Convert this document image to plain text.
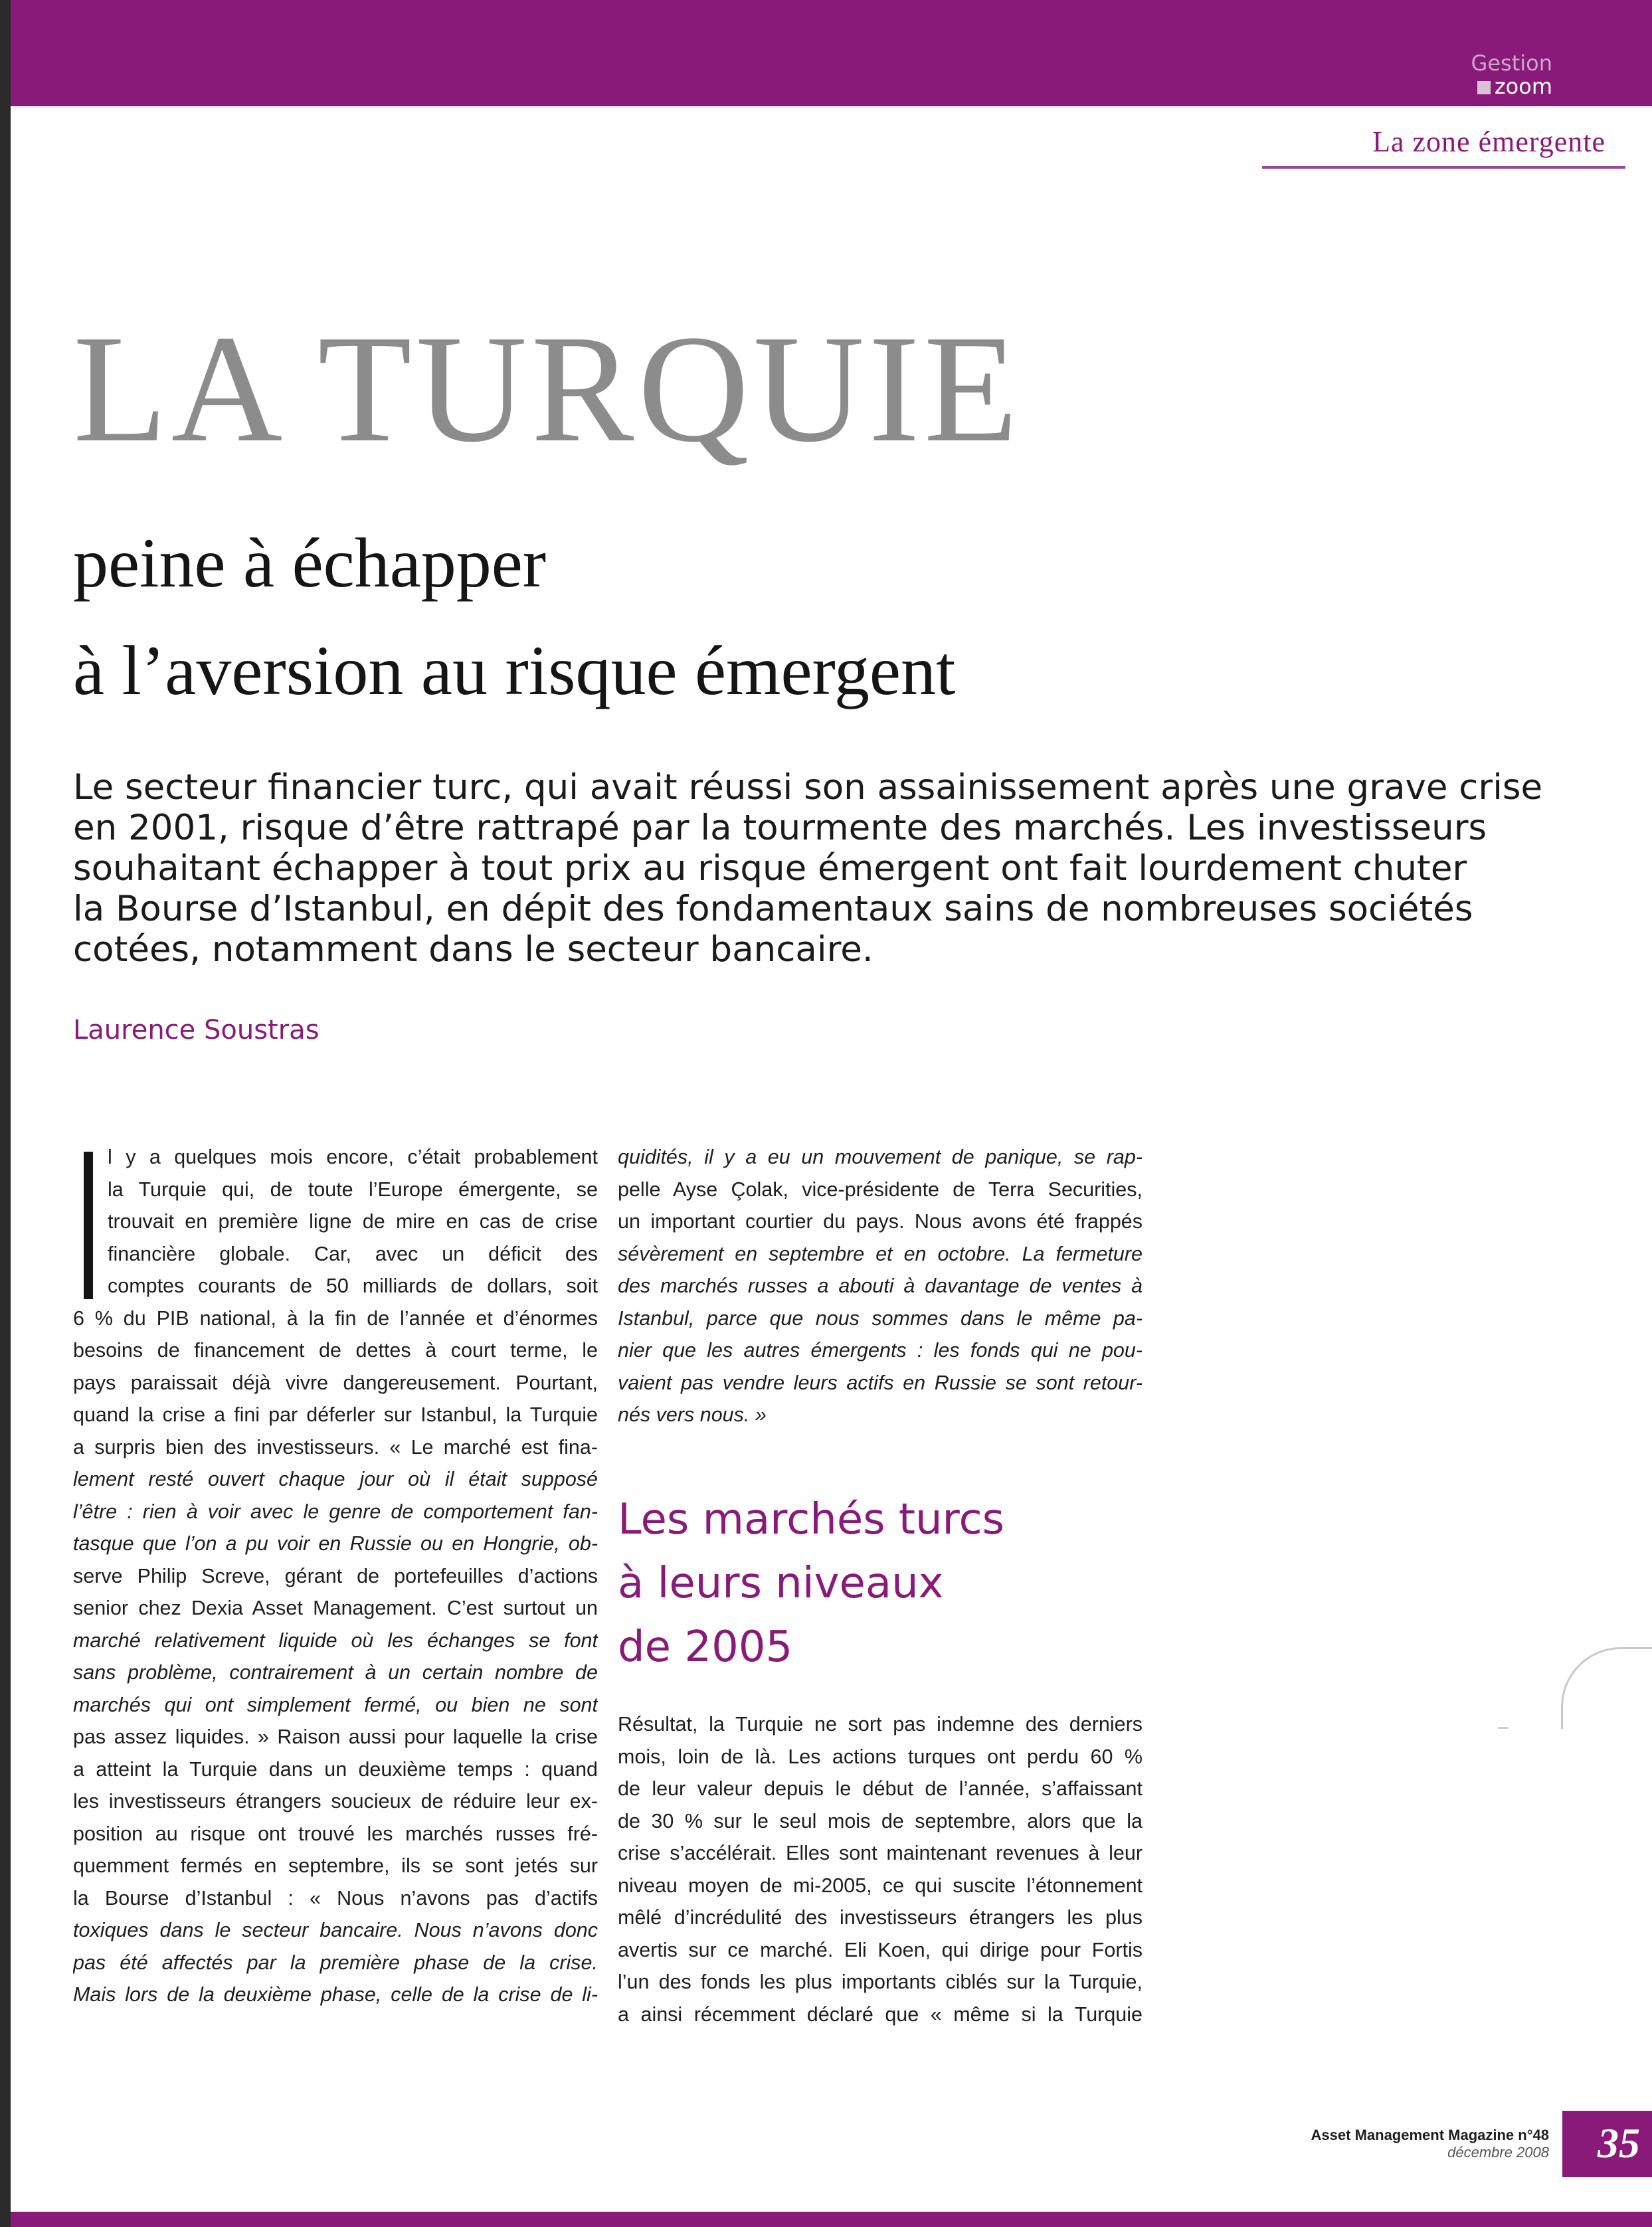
Gestion
zoom
La zone émergente
LA TURQUIE
peine à échapper
à l’aversion au risque émergent
Le secteur financier turc, qui avait réussi son assainissement après une grave crise
en 2001, risque d’être rattrapé par la tourmente des marchés. Les investisseurs
souhaitant échapper à tout prix au risque émergent ont fait lourdement chuter
la Bourse d’Istanbul, en dépit des fondamentaux sains de nombreuses sociétés
cotées, notamment dans le secteur bancaire.
Laurence Soustras
l y a quelques mois encore, c’était probablement
la Turquie qui, de toute l’Europe émergente, se
trouvait en première ligne de mire en cas de crise
financière globale. Car, avec un déficit des
comptes courants de 50 milliards de dollars, soit
6 % du PIB national, à la fin de l’année et d’énormes
besoins de financement de dettes à court terme, le
pays paraissait déjà vivre dangereusement. Pourtant,
quand la crise a fini par déferler sur Istanbul, la Turquie
a surpris bien des investisseurs. « Le marché est fina-
lement resté ouvert chaque jour où il était supposé
l’être : rien à voir avec le genre de comportement fan-
tasque que l’on a pu voir en Russie ou en Hongrie, ob-
serve Philip Screve, gérant de portefeuilles d’actions
senior chez Dexia Asset Management. C’est surtout un
marché relativement liquide où les échanges se font
sans problème, contrairement à un certain nombre de
marchés qui ont simplement fermé, ou bien ne sont
pas assez liquides. » Raison aussi pour laquelle la crise
a atteint la Turquie dans un deuxième temps : quand
les investisseurs étrangers soucieux de réduire leur ex-
position au risque ont trouvé les marchés russes fré-
quemment fermés en septembre, ils se sont jetés sur
la Bourse d’Istanbul : « Nous n’avons pas d’actifs
toxiques dans le secteur bancaire. Nous n’avons donc
pas été affectés par la première phase de la crise.
Mais lors de la deuxième phase, celle de la crise de li-
quidités, il y a eu un mouvement de panique, se rap-
pelle Ayse Çolak, vice-présidente de Terra Securities,
un important courtier du pays. Nous avons été frappés
sévèrement en septembre et en octobre. La fermeture
des marchés russes a abouti à davantage de ventes à
Istanbul, parce que nous sommes dans le même pa-
nier que les autres émergents : les fonds qui ne pou-
vaient pas vendre leurs actifs en Russie se sont retour-
nés vers nous. »
Les marchés turcs
à leurs niveaux
de 2005
Résultat, la Turquie ne sort pas indemne des derniers
mois, loin de là. Les actions turques ont perdu 60 %
de leur valeur depuis le début de l’année, s’affaissant
de 30 % sur le seul mois de septembre, alors que la
crise s’accélérait. Elles sont maintenant revenues à leur
niveau moyen de mi-2005, ce qui suscite l’étonnement
mêlé d’incrédulité des investisseurs étrangers les plus
avertis sur ce marché. Eli Koen, qui dirige pour Fortis
l’un des fonds les plus importants ciblés sur la Turquie,
a ainsi récemment déclaré que « même si la Turquie
Asset Management Magazine n°48
décembre 2008 35
